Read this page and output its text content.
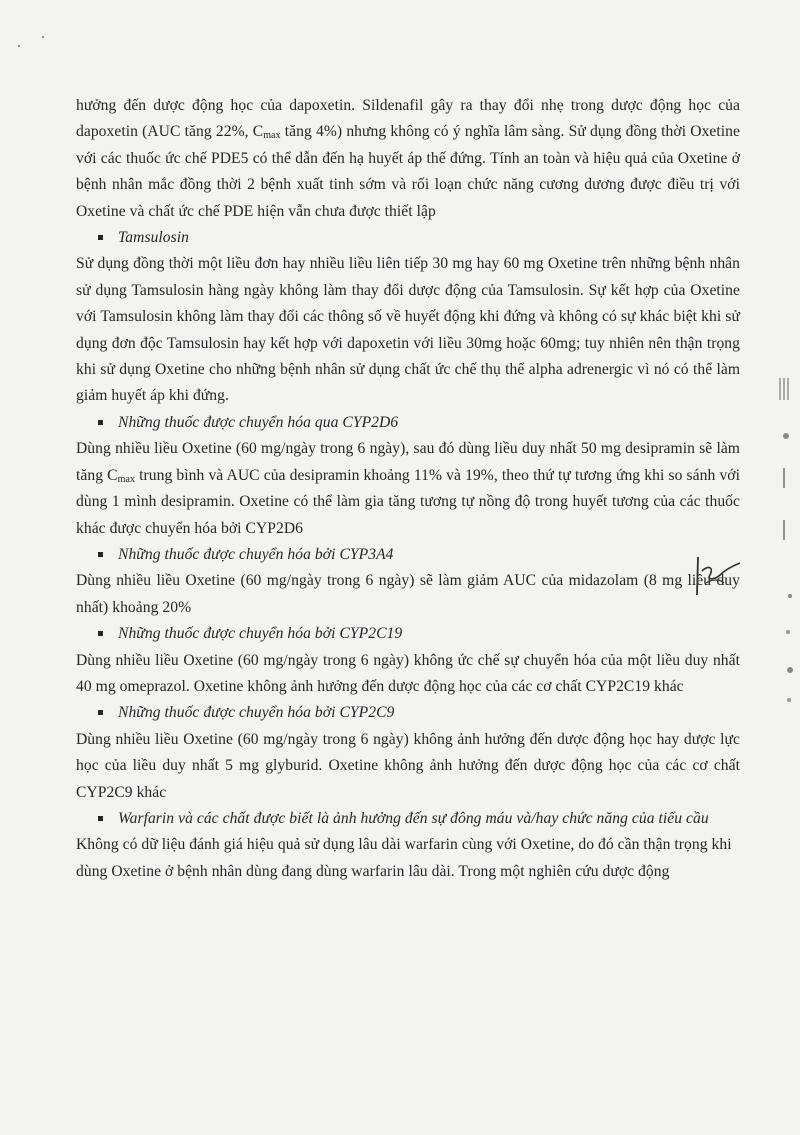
hưởng đến dược động học của dapoxetin. Sildenafil gây ra thay đổi nhẹ trong dược động học của dapoxetin (AUC tăng 22%, $C_{max}$ tăng 4%) nhưng không có ý nghĩa lâm sàng. Sử dụng đồng thời Oxetine với các thuốc ức chế PDE5 có thể dẫn đến hạ huyết áp thế đứng. Tính an toàn và hiệu quả của Oxetine ở bệnh nhân mắc đồng thời 2 bệnh xuất tinh sớm và rối loạn chức năng cương dương được điều trị với Oxetine và chất ức chế PDE hiện vẫn chưa được thiết lập

Tamsulosin

Sử dụng đồng thời một liều đơn hay nhiều liều liên tiếp 30 mg hay 60 mg Oxetine trên những bệnh nhân sử dụng Tamsulosin hàng ngày không làm thay đổi dược động của Tamsulosin. Sự kết hợp của Oxetine với Tamsulosin không làm thay đổi các thông số về huyết động khi đứng và không có sự khác biệt khi sử dụng đơn độc Tamsulosin hay kết hợp với dapoxetin với liều 30mg hoặc 60mg; tuy nhiên nên thận trọng khi sử dụng Oxetine cho những bệnh nhân sử dụng chất ức chế thụ thể alpha adrenergic vì nó có thể làm giảm huyết áp khi đứng.

Những thuốc được chuyển hóa qua CYP2D6

Dùng nhiều liều Oxetine (60 mg/ngày trong 6 ngày), sau đó dùng liều duy nhất 50 mg desipramin sẽ làm tăng $C_{max}$ trung bình và AUC của desipramin khoảng 11% và 19%, theo thứ tự tương ứng khi so sánh với dùng 1 mình desipramin. Oxetine có thể làm gia tăng tương tự nồng độ trong huyết tương của các thuốc khác được chuyển hóa bởi CYP2D6

Những thuốc được chuyển hóa bởi CYP3A4

Dùng nhiều liều Oxetine (60 mg/ngày trong 6 ngày) sẽ làm giảm AUC của midazolam (8 mg liều duy nhất) khoảng 20%

Những thuốc được chuyển hóa bởi CYP2C19

Dùng nhiều liều Oxetine (60 mg/ngày trong 6 ngày) không ức chế sự chuyển hóa của một liều duy nhất 40 mg omeprazol. Oxetine không ảnh hưởng đến dược động học của các cơ chất CYP2C19 khác

Những thuốc được chuyển hóa bởi CYP2C9

Dùng nhiều liều Oxetine (60 mg/ngày trong 6 ngày) không ảnh hưởng đến dược động học hay dược lực học của liều duy nhất 5 mg glyburid. Oxetine không ảnh hưởng đến dược động học của các cơ chất CYP2C9 khác

Warfarin và các chất được biết là ảnh hưởng đến sự đông máu và/hay chức năng của tiểu cầu

Không có dữ liệu đánh giá hiệu quả sử dụng lâu dài warfarin cùng với Oxetine, do đó cần thận trọng khi dùng Oxetine ở bệnh nhân dùng đang dùng warfarin lâu dài. Trong một nghiên cứu dược động
